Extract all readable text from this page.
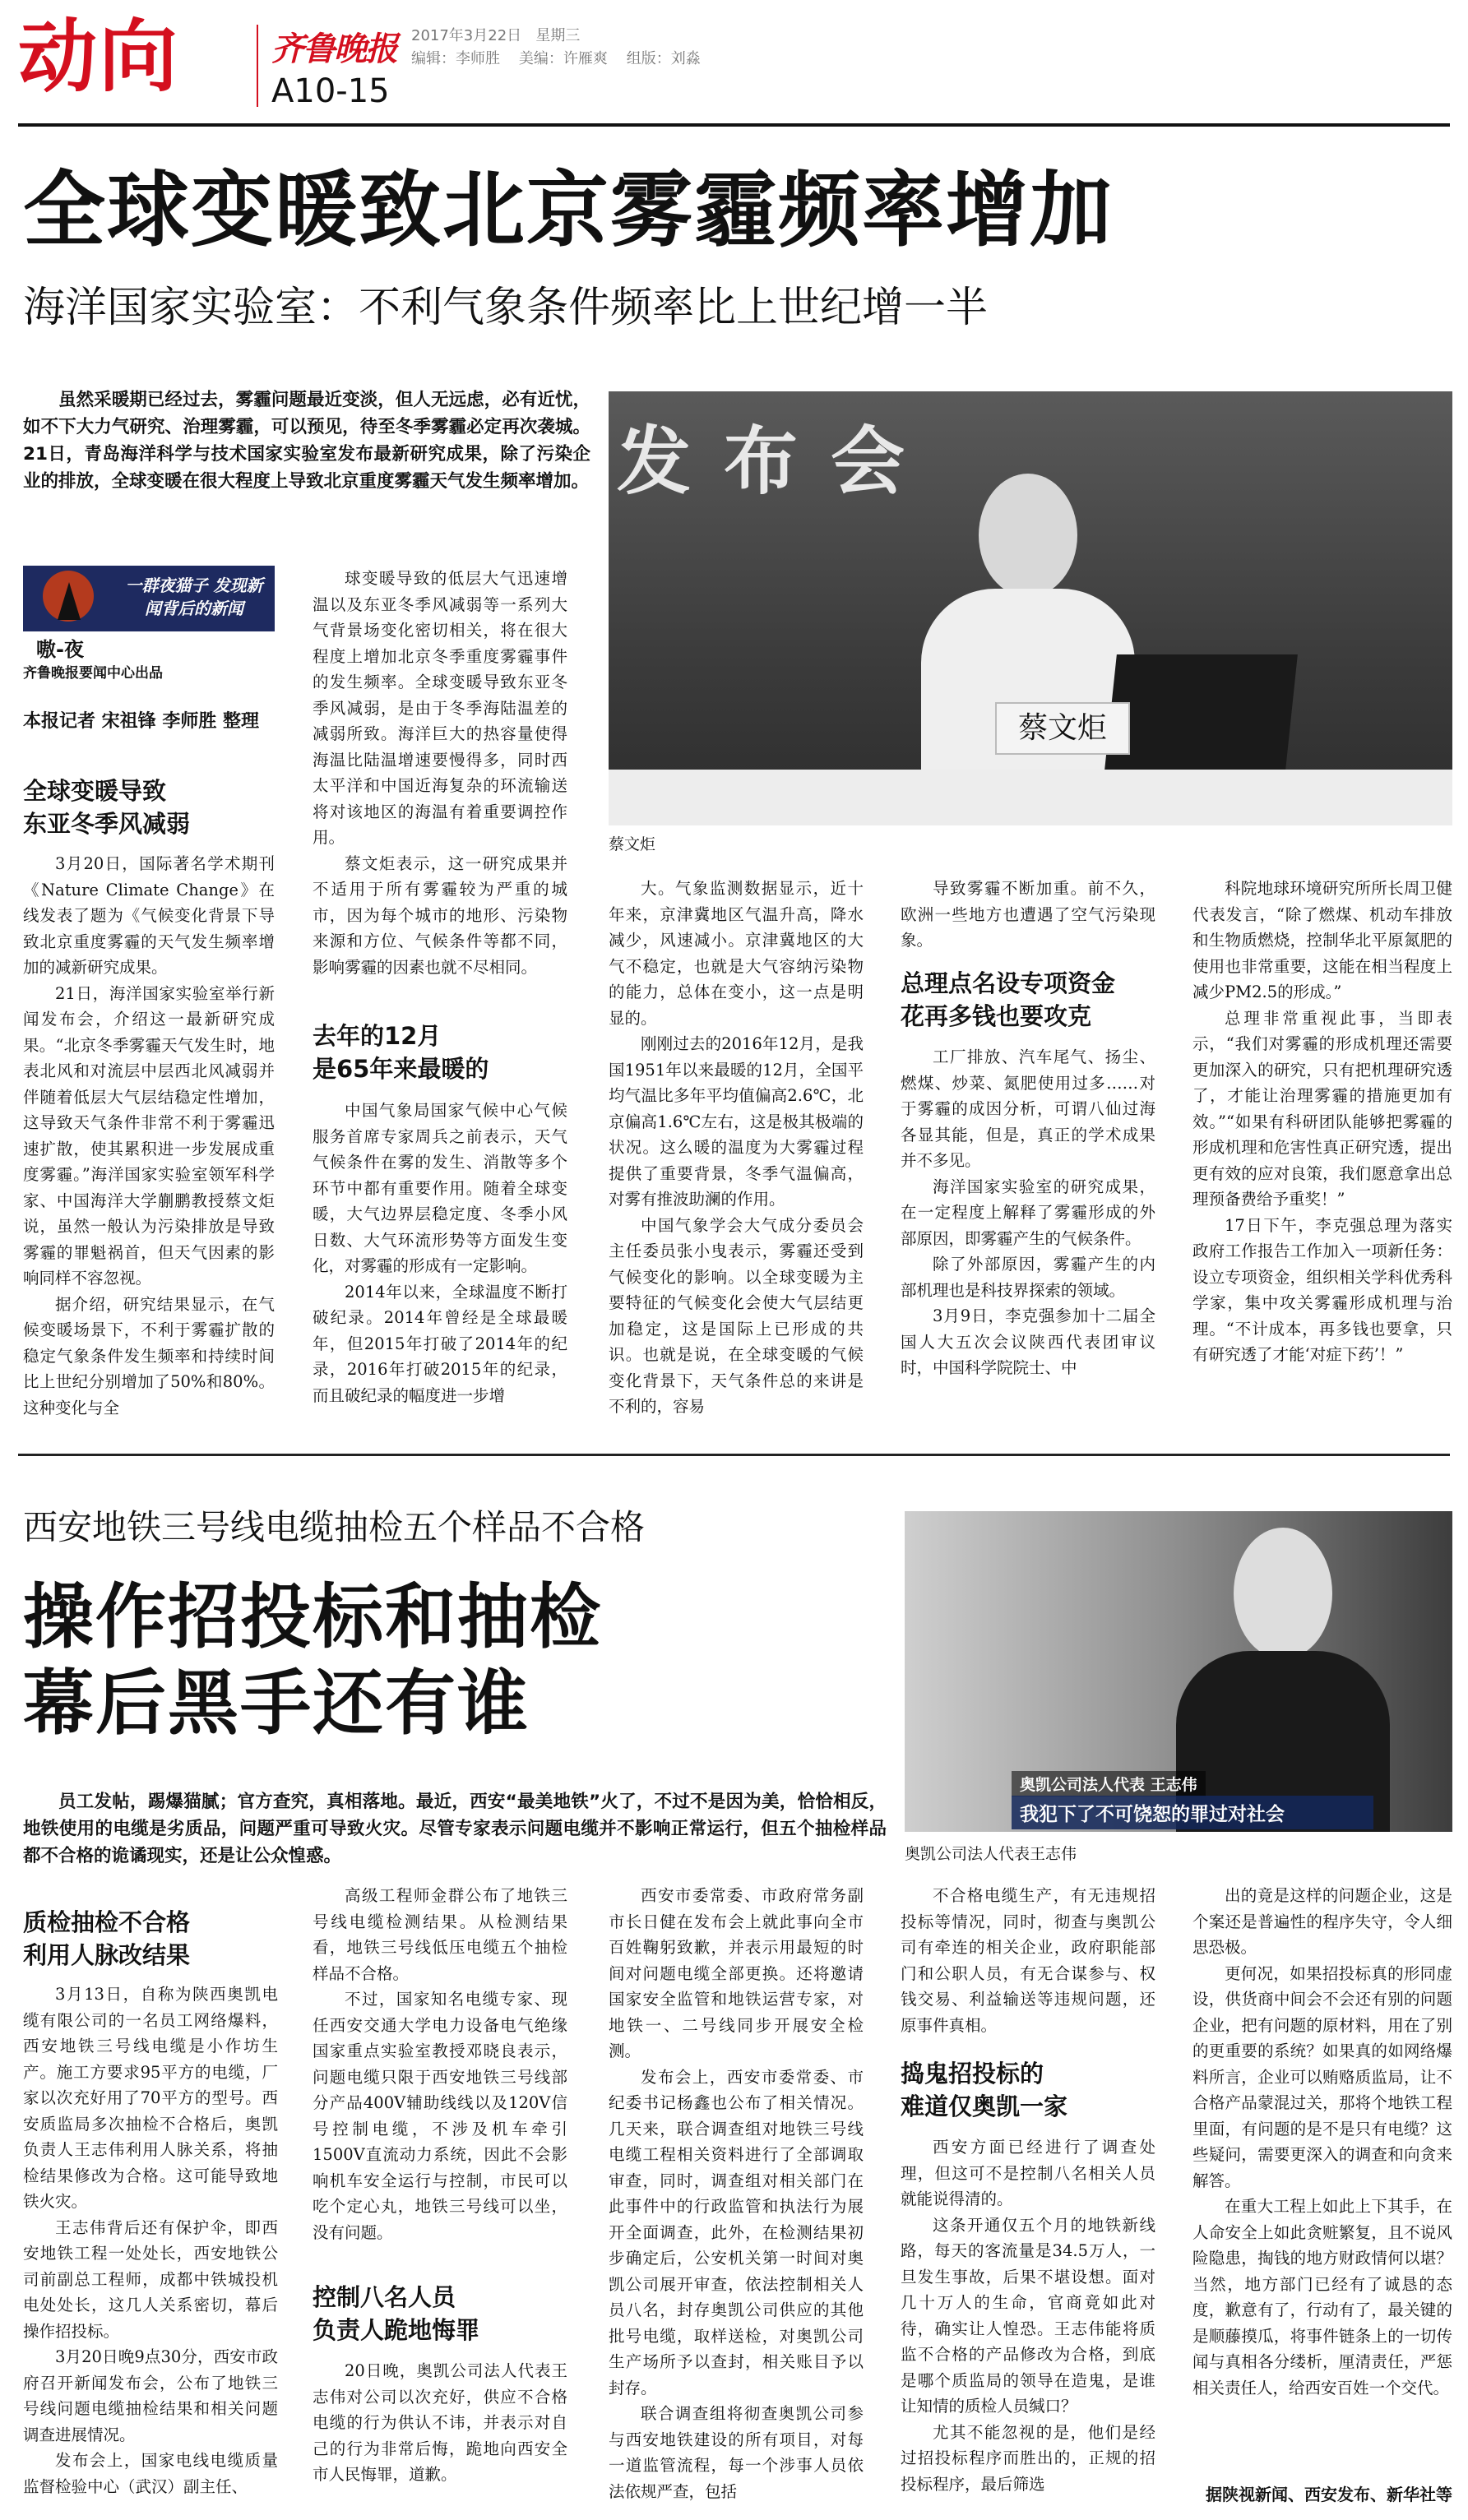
动向	齐鲁晚报
A10-15
2017年3月22日 星期三
编辑：李师胜 美编：许雁爽 组版：刘淼
全球变暖致北京雾霾频率增加
海洋国家实验室：不利气象条件频率比上世纪增一半
虽然采暖期已经过去，雾霾问题最近变淡，但人无远虑，必有近忧，如不下大力气研究、治理雾霾，可以预见，待至冬季雾霾必定再次袭城。21日，青岛海洋科学与技术国家实验室发布最新研究成果，除了污染企业的排放，全球变暖在很大程度上导致北京重度雾霾天气发生频率增加。
一群夜猫子 发现新闻背后的新闻
嗷-夜
齐鲁晚报要闻中心出品
本报记者 宋祖锋 李师胜 整理
全球变暖导致
东亚冬季风减弱

3月20日，国际著名学术期刊《Nature Climate Change》在线发表了题为《气候变化背景下导致北京重度雾霾的天气发生频率增加的减新研究成果。

21日，海洋国家实验室举行新闻发布会，介绍这一最新研究成果。“北京冬季雾霾天气发生时，地表北风和对流层中层西北风减弱并伴随着低层大气层结稳定性增加，这导致天气条件非常不利于雾霾迅速扩散，使其累积进一步发展成重度雾霾。”海洋国家实验室领军科学家、中国海洋大学蒯鹏教授蔡文炬说，虽然一般认为污染排放是导致雾霾的罪魁祸首，但天气因素的影响同样不容忽视。

据介绍，研究结果显示，在气候变暖场景下，不利于雾霾扩散的稳定气象条件发生频率和持续时间比上世纪分别增加了50%和80%。这种变化与全

球变暖导致的低层大气迅速增温以及东亚冬季风减弱等一系列大气背景场变化密切相关，将在很大程度上增加北京冬季重度雾霾事件的发生频率。全球变暖导致东亚冬季风减弱，是由于冬季海陆温差的减弱所致。海洋巨大的热容量使得海温比陆温增速要慢得多，同时西太平洋和中国近海复杂的环流输送将对该地区的海温有着重要调控作用。

蔡文炬表示，这一研究成果并不适用于所有雾霾较为严重的城市，因为每个城市的地形、污染物来源和方位、气候条件等都不同，影响雾霾的因素也就不尽相同。

去年的12月
是65年来最暖的

中国气象局国家气候中心气候服务首席专家周兵之前表示，天气气候条件在雾的发生、消散等多个环节中都有重要作用。随着全球变暖，大气边界层稳定度、冬季小风日数、大气环流形势等方面发生变化，对雾霾的形成有一定影响。

2014年以来，全球温度不断打破纪录。2014年曾经是全球最暖年，但2015年打破了2014年的纪录，2016年打破2015年的纪录，而且破纪录的幅度进一步增

发布会
蔡文炬
蔡文炬

大。气象监测数据显示，近十年来，京津冀地区气温升高，降水减少，风速减小。京津冀地区的大气不稳定，也就是大气容纳污染物的能力，总体在变小，这一点是明显的。

刚刚过去的2016年12月，是我国1951年以来最暖的12月，全国平均气温比多年平均值偏高2.6℃，北京偏高1.6℃左右，这是极其极端的状况。这么暖的温度为大雾霾过程提供了重要背景，冬季气温偏高，对雾有推波助澜的作用。

中国气象学会大气成分委员会主任委员张小曳表示，雾霾还受到气候变化的影响。以全球变暖为主要特征的气候变化会使大气层结更加稳定，这是国际上已形成的共识。也就是说，在全球变暖的气候变化背景下，天气条件总的来讲是不利的，容易

导致雾霾不断加重。前不久，欧洲一些地方也遭遇了空气污染现象。

总理点名设专项资金
花再多钱也要攻克

工厂排放、汽车尾气、扬尘、燃煤、炒菜、氮肥使用过多……对于雾霾的成因分析，可谓八仙过海各显其能，但是，真正的学术成果并不多见。

海洋国家实验室的研究成果，在一定程度上解释了雾霾形成的外部原因，即雾霾产生的气候条件。

除了外部原因，雾霾产生的内部机理也是科技界探索的领域。

3月9日，李克强参加十二届全国人大五次会议陕西代表团审议时，中国科学院院士、中

科院地球环境研究所所长周卫健代表发言，“除了燃煤、机动车排放和生物质燃烧，控制华北平原氮肥的使用也非常重要，这能在相当程度上减少PM2.5的形成。”

总理非常重视此事，当即表示，“我们对雾霾的形成机理还需要更加深入的研究，只有把机理研究透了，才能让治理雾霾的措施更加有效。”“如果有科研团队能够把雾霾的形成机理和危害性真正研究透，提出更有效的应对良策，我们愿意拿出总理预备费给予重奖！”

17日下午，李克强总理为落实政府工作报告工作加入一项新任务：设立专项资金，组织相关学科优秀科学家，集中攻关雾霾形成机理与治理。“不计成本，再多钱也要拿，只有研究透了才能‘对症下药’！”

西安地铁三号线电缆抽检五个样品不合格
操作招投标和抽检
幕后黑手还有谁
奥凯公司法人代表 王志伟
我犯下了不可饶恕的罪过对社会
奥凯公司法人代表王志伟
员工发帖，踢爆猫腻；官方查究，真相落地。最近，西安“最美地铁”火了，不过不是因为美，恰恰相反，地铁使用的电缆是劣质品，问题严重可导致火灾。尽管专家表示问题电缆并不影响正常运行，但五个抽检样品都不合格的诡谲现实，还是让公众惶惑。
质检抽检不合格
利用人脉改结果

3月13日，自称为陕西奥凯电缆有限公司的一名员工网络爆料，西安地铁三号线电缆是小作坊生产。施工方要求95平方的电缆，厂家以次充好用了70平方的型号。西安质监局多次抽检不合格后，奥凯负责人王志伟利用人脉关系，将抽检结果修改为合格。这可能导致地铁火灾。

王志伟背后还有保护伞，即西安地铁工程一处处长，西安地铁公司前副总工程师，成都中铁城投机电处处长，这几人关系密切，幕后操作招投标。

3月20日晚9点30分，西安市政府召开新闻发布会，公布了地铁三号线问题电缆抽检结果和相关问题调查进展情况。

发布会上，国家电线电缆质量监督检验中心（武汉）副主任、

高级工程师金群公布了地铁三号线电缆检测结果。从检测结果看，地铁三号线低压电缆五个抽检样品不合格。

不过，国家知名电缆专家、现任西安交通大学电力设备电气绝缘国家重点实验室教授邓晓良表示，问题电缆只限于西安地铁三号线部分产品400V辅助线线以及120V信号控制电缆，不涉及机车牵引1500V直流动力系统，因此不会影响机车安全运行与控制，市民可以吃个定心丸，地铁三号线可以坐，没有问题。

控制八名人员
负责人跪地悔罪

20日晚，奥凯公司法人代表王志伟对公司以次充好，供应不合格电缆的行为供认不讳，并表示对自己的行为非常后悔，跪地向西安全市人民悔罪，道歉。

西安市委常委、市政府常务副市长日健在发布会上就此事向全市百姓鞠躬致歉，并表示用最短的时间对问题电缆全部更换。还将邀请国家安全监管和地铁运营专家，对地铁一、二号线同步开展安全检测。

发布会上，西安市委常委、市纪委书记杨鑫也公布了相关情况。几天来，联合调查组对地铁三号线电缆工程相关资料进行了全部调取审查，同时，调查组对相关部门在此事件中的行政监管和执法行为展开全面调查，此外，在检测结果初步确定后，公安机关第一时间对奥凯公司展开审查，依法控制相关人员八名，封存奥凯公司供应的其他批号电缆，取样送检，对奥凯公司生产场所予以查封，相关账目予以封存。

联合调查组将彻查奥凯公司参与西安地铁建设的所有项目，对每一道监管流程，每一个涉事人员依法依规严查，包括

不合格电缆生产，有无违规招投标等情况，同时，彻查与奥凯公司有牵连的相关企业，政府职能部门和公职人员，有无合谋参与、权钱交易、利益输送等违规问题，还原事件真相。

捣鬼招投标的
难道仅奥凯一家

西安方面已经进行了调查处理，但这可不是控制八名相关人员就能说得清的。

这条开通仅五个月的地铁新线路，每天的客流量是34.5万人，一旦发生事故，后果不堪设想。面对几十万人的生命，官商竟如此对待，确实让人惶恐。王志伟能将质监不合格的产品修改为合格，到底是哪个质监局的领导在造鬼，是谁让知情的质检人员缄口？

尤其不能忽视的是，他们是经过招投标程序而胜出的，正规的招投标程序，最后筛选

出的竟是这样的问题企业，这是个案还是普遍性的程序失守，令人细思恐极。

更何况，如果招投标真的形同虚设，供货商中间会不会还有别的问题企业，把有问题的原材料，用在了别的更重要的系统？如果真的如网络爆料所言，企业可以贿赂质监局，让不合格产品蒙混过关，那将个地铁工程里面，有问题的是不是只有电缆？这些疑问，需要更深入的调查和向贪来解答。

在重大工程上如此上下其手，在人命安全上如此贪赃繁复，且不说风险隐患，掏钱的地方财政情何以堪？当然，地方部门已经有了诚恳的态度，歉意有了，行动有了，最关键的是顺藤摸瓜，将事件链条上的一切传闻与真相各分缕析，厘清责任，严惩相关责任人，给西安百姓一个交代。

据陕视新闻、西安发布、新华社等
